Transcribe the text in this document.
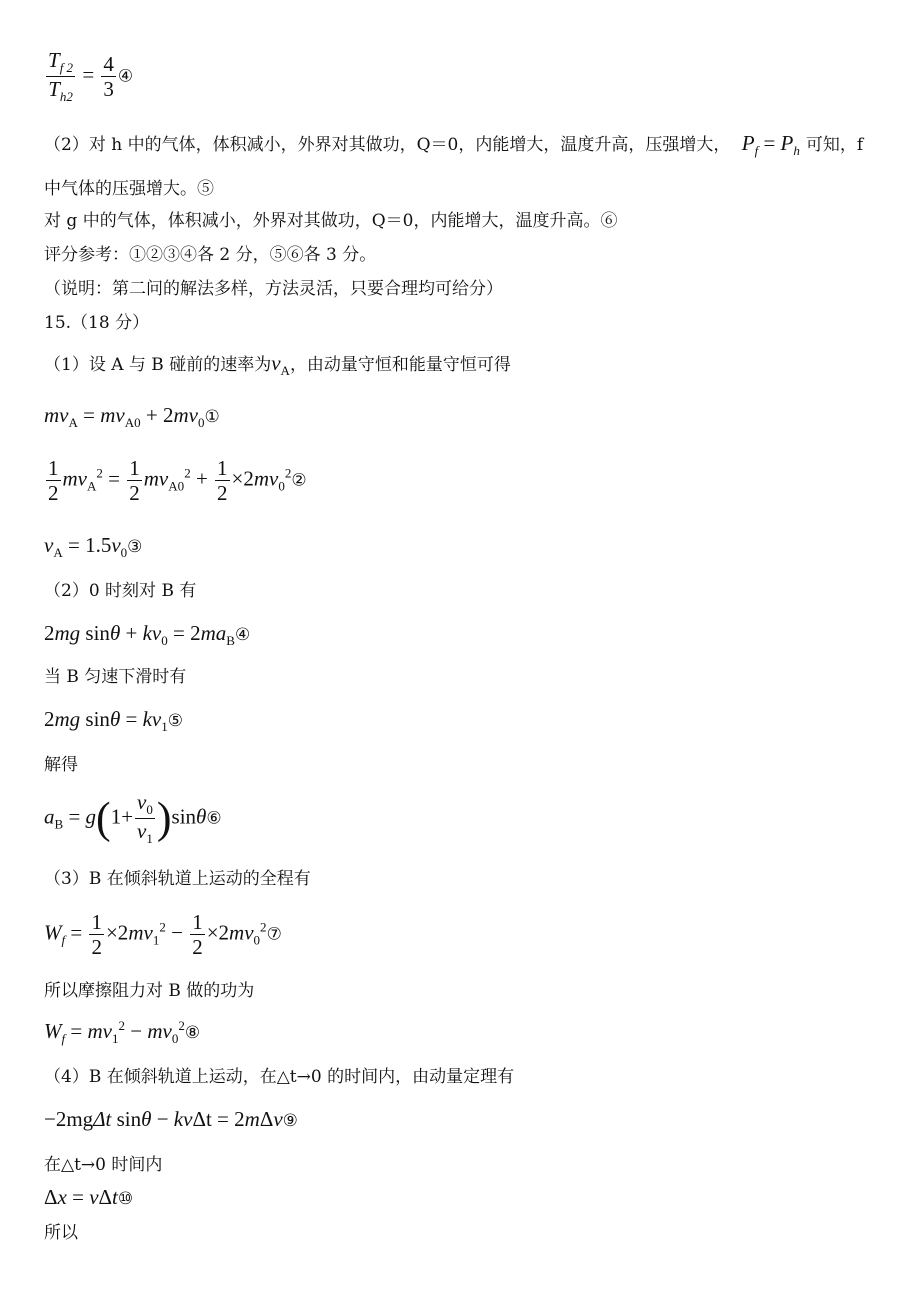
$\frac{T_{f 2}}{T_{h2}} = \frac{4}{3}$ ④
（2）对 h 中的气体，体积减小，外界对其做功，Q＝0，内能增大，温度升高，压强增大， $P_f = P_h$ 可知，f
中气体的压强增大。⑤
对 g 中的气体，体积减小，外界对其做功，Q＝0，内能增大，温度升高。⑥
评分参考：①②③④各 2 分，⑤⑥各 3 分。
（说明：第二问的解法多样，方法灵活，只要合理均可给分）
15.（18 分）
（1）设 A 与 B 碰前的速率为$v_A$，由动量守恒和能量守恒可得
$mv_A = mv_{A0}$ + $2mv_0①$
$\frac{1}{2} mv_A^2 = \frac{1}{2} mv_{A0}^2 + \frac{1}{2}$ $\times 2mv_0^2②$
$v_A$ = $1.5v_0③$
（2）0 时刻对 B 有
2mg $\sin\theta + kv_0$ = $2ma_B④$
当 B 匀速下滑时有
2mg $\sin\theta = kv_1⑤$
解得
$a_B = g(1+ \frac{v_0}{v_1}$ )sinθ⑥
（3）B 在倾斜轨道上运动的全程有
$W_f = \frac{1}{2} \times 2mv_1^2 - \frac{1}{2}$ $\times 2mv_0^2⑦$
所以摩擦阻力对 B 做的功为
$W_f = mv_1^2$ − $mv_0^2⑧$
（4）B 在倾斜轨道上运动，在△t→0 的时间内，由动量定理有
−2mgΔt sinθ − kvΔt = 2mΔv⑨
在△t→0 时间内
Δx = vΔt⑩
所以
